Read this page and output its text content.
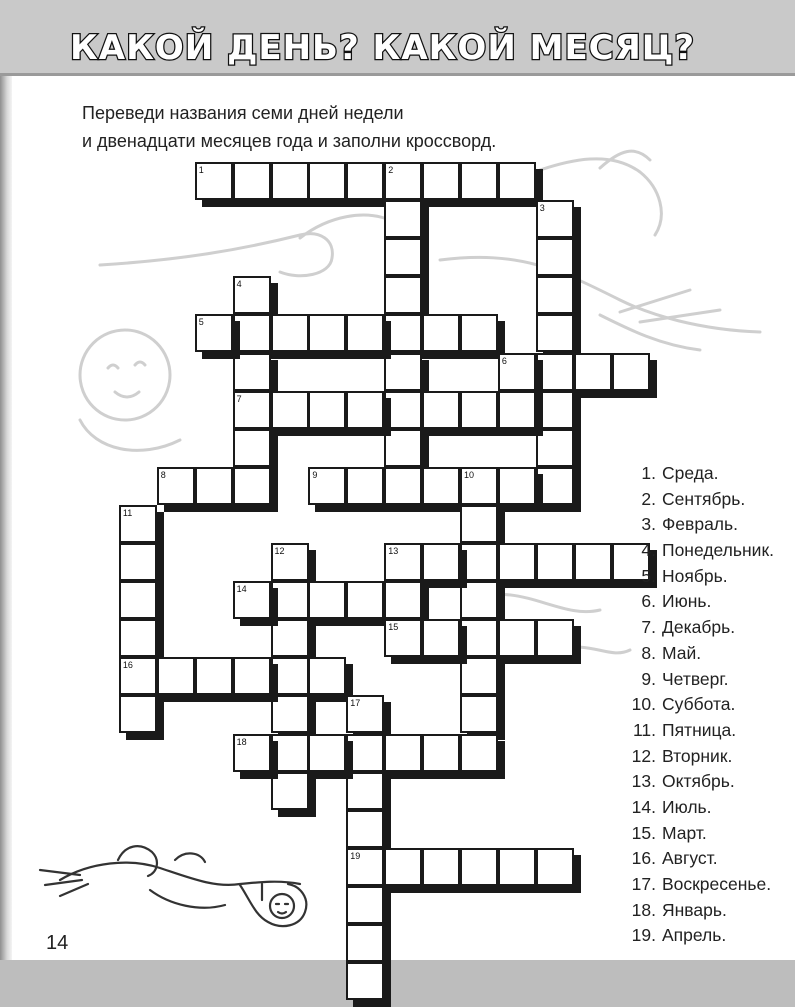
КАКОЙ ДЕНЬ? КАКОЙ МЕСЯЦ?

Переведи названия семи дней недели

и двенадцати месяцев года и заполни кроссворд.

1	2
3
4
7
5
6
8	9	10
11
16
12	13
14
15
17
19
18
1. Среда.
2. Сентябрь.
3. Февраль.
4. Понедельник.
5. Ноябрь.
6. Июнь.
7. Декабрь.
8. Май.
9. Четверг.
10. Суббота.
11. Пятница.
12. Вторник.
13. Октябрь.
14. Июль.
15. Март.
16. Август.
17. Воскресенье.
18. Январь.
19. Апрель.
14
